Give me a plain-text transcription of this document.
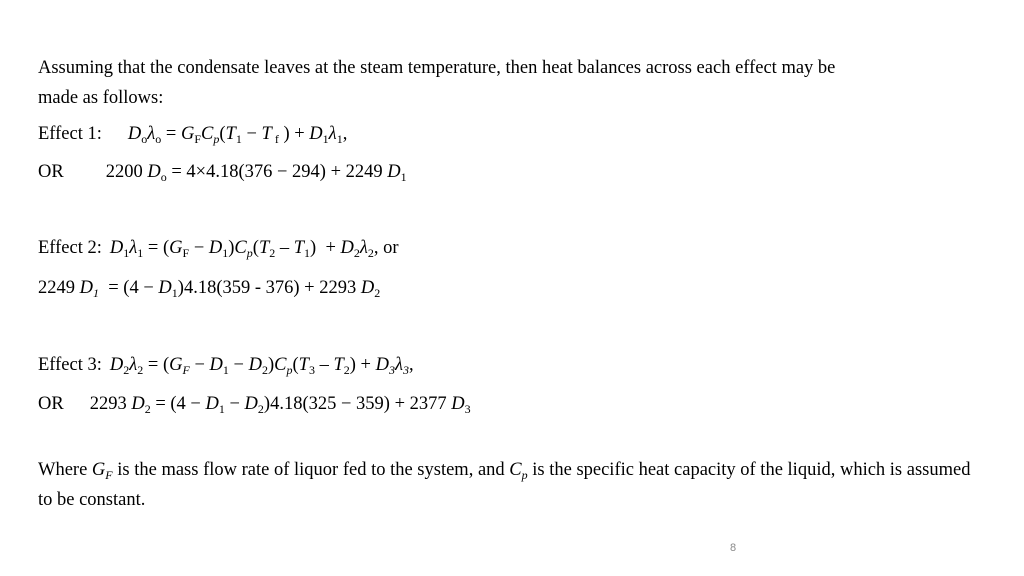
Assuming that the condensate leaves at the steam temperature, then heat balances across each effect may be
made as follows:
Effect 1: $D_o\lambda_o = G_FC_p(T_1 - T$ $_f$ ) + $D_1\lambda_1$,
OR 2200 $D_o = 4\times 4.18(376 - 294) + 2249$ $D_1$
Effect 2: $D_1\lambda_1 = (G_F - D_1)C_p(T_2 - T_1) + D_2\lambda_2$, or
2249 $D_1 = (4 - D_1)4.18(359 - 376) + 2293$ $D_2$
Effect 3: $D_2\lambda_2 = (G_F - D_1 - D_2)C_p(T_3 - T_2) + D_3\lambda_3$,
OR 2293 $D_2 = (4 - D_1 - D_2)4.18(325 - 359) + 2377$ $D_3$
Where $G_F$ is the mass flow rate of liquor fed to the system, and $C_p$ is the specific heat capacity of the liquid, which is assumed to be constant.
8
